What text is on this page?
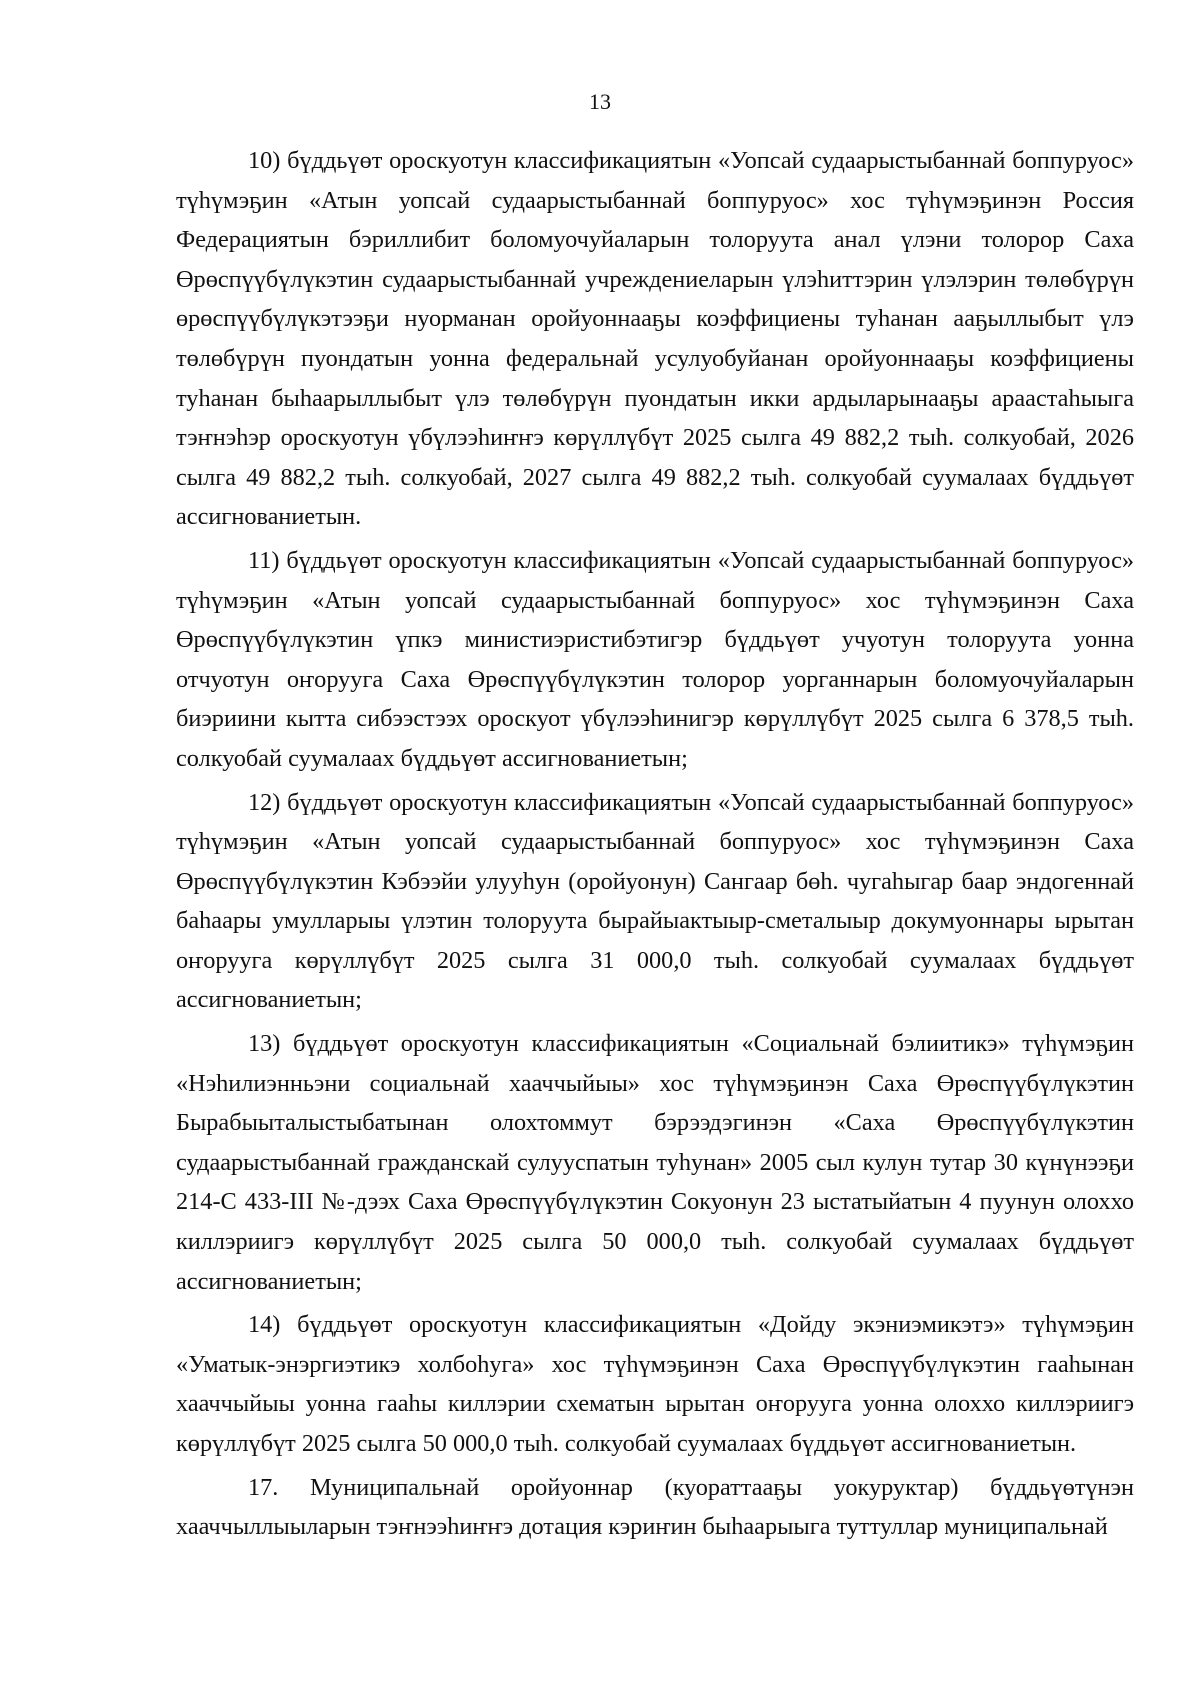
13

10) бүддьүөт ороскуотун классификациятын «Уопсай судаарыстыбаннай боппуруос» түһүмэҕин «Атын уопсай судаарыстыбаннай боппуруос» хос түһүмэҕинэн Россия Федерациятын бэриллибит боломуочуйаларын толоруута анал үлэни толорор Саха Өрөспүүбүлүкэтин судаарыстыбаннай учреждениеларын үлэһиттэрин үлэлэрин төлөбүрүн өрөспүүбүлүкэтээҕи нуорманан оройуоннааҕы коэффициены туһанан ааҕыллыбыт үлэ төлөбүрүн пуондатын уонна федеральнай усулуобуйанан оройуоннааҕы коэффициены туһанан быһаарыллыбыт үлэ төлөбүрүн пуондатын икки ардыларынааҕы араастаһыыга тэҥнэһэр ороскуотун үбүлээһиҥҥэ көрүллүбүт 2025 сылга 49 882,2 тыһ. солкуобай, 2026 сылга 49 882,2 тыһ. солкуобай, 2027 сылга 49 882,2 тыһ. солкуобай суумалаах бүддьүөт ассигнованиетын.

11) бүддьүөт ороскуотун классификациятын «Уопсай судаарыстыбаннай боппуруос» түһүмэҕин «Атын уопсай судаарыстыбаннай боппуруос» хос түһүмэҕинэн Саха Өрөспүүбүлүкэтин үпкэ министиэристибэтигэр бүддьүөт учуотун толоруута уонна отчуотун оҥорууга Саха Өрөспүүбүлүкэтин толорор уорганнарын боломуочуйаларын биэриини кытта сибээстээх ороскуот үбүлээһинигэр көрүллүбүт 2025 сылга 6 378,5 тыһ. солкуобай суумалаах бүддьүөт ассигнованиетын;

12) бүддьүөт ороскуотун классификациятын «Уопсай судаарыстыбаннай боппуруос» түһүмэҕин «Атын уопсай судаарыстыбаннай боппуруос» хос түһүмэҕинэн Саха Өрөспүүбүлүкэтин Кэбээйи улууһун (оройуонун) Сангаар бөһ. чугаһыгар баар эндогеннай баһаары умулларыы үлэтин толоруута бырайыактыыр-сметалыыр докумуоннары ырытан оҥорууга көрүллүбүт 2025 сылга 31 000,0 тыһ. солкуобай суумалаах бүддьүөт ассигнованиетын;

13) бүддьүөт ороскуотун классификациятын «Социальнай бэлиитикэ» түһүмэҕин «Нэһилиэнньэни социальнай хааччыйыы» хос түһүмэҕинэн Саха Өрөспүүбүлүкэтин Бырабыыталыстыбатынан олохтоммут бэрээдэгинэн «Саха Өрөспүүбүлүкэтин судаарыстыбаннай гражданскай сулууспатын туһунан» 2005 сыл кулун тутар 30 күнүнээҕи 214-С 433-III №-дээх Саха Өрөспүүбүлүкэтин Сокуонун 23 ыстатыйатын 4 пуунун олоххо киллэриигэ көрүллүбүт 2025 сылга 50 000,0 тыһ. солкуобай суумалаах бүддьүөт ассигнованиетын;

14) бүддьүөт ороскуотун классификациятын «Дойду экэниэмикэтэ» түһүмэҕин «Уматык-энэргиэтикэ холбоһуга» хос түһүмэҕинэн Саха Өрөспүүбүлүкэтин гааһынан хааччыйыы уонна гааһы киллэрии схематын ырытан оҥорууга уонна олоххо киллэриигэ көрүллүбүт 2025 сылга 50 000,0 тыһ. солкуобай суумалаах бүддьүөт ассигнованиетын.

17. Муниципальнай оройуоннар (куораттааҕы уокуруктар) бүддьүөтүнэн хааччыллыыларын тэҥнээһиҥҥэ дотация кэриҥин быһаарыыга туттуллар муниципальнай
